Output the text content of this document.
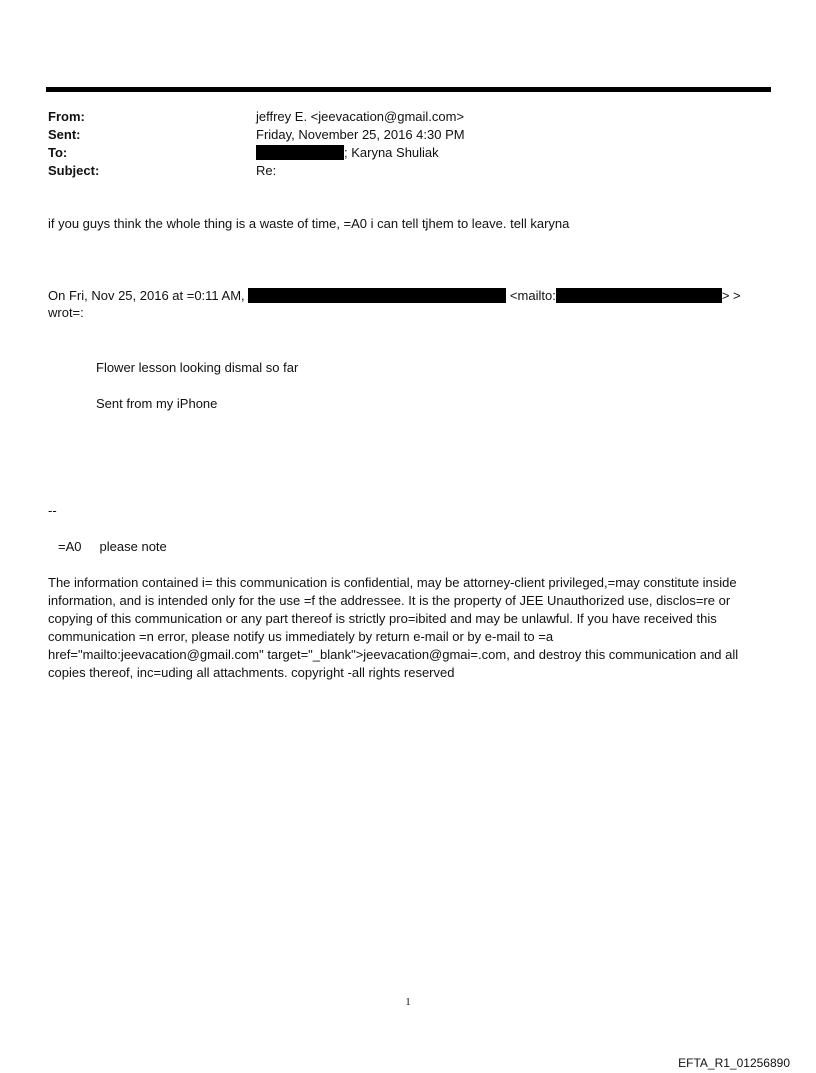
From:	jeffrey E. <jeevacation@gmail.com>
Sent:	Friday, November 25, 2016 4:30 PM
To:	; Karyna Shuliak
Subject:	Re:
if you guys think the whole thing is a waste of time, =A0 i can tell tjhem to leave. tell karyna
On Fri, Nov 25, 2016 at =0:11 AM,	<mailto:	> >
wrot=:
Flower lesson looking dismal so far
Sent from my iPhone
--
=A0     please note
The information contained i= this communication is confidential, may be attorney-client privileged,=may constitute inside information, and is intended only for the use =f the addressee. It is the property of JEE Unauthorized use, disclos=re or copying of this communication or any part thereof is strictly pro=ibited and may be unlawful. If you have received this communication =n error, please notify us immediately by return e-mail or by e-mail to =a href="mailto:jeevacation@gmail.com" target="_blank">jeevacation@gmai=.com, and destroy this communication and all copies thereof, inc=uding all attachments. copyright -all rights reserved
1
EFTA_R1_01256890
